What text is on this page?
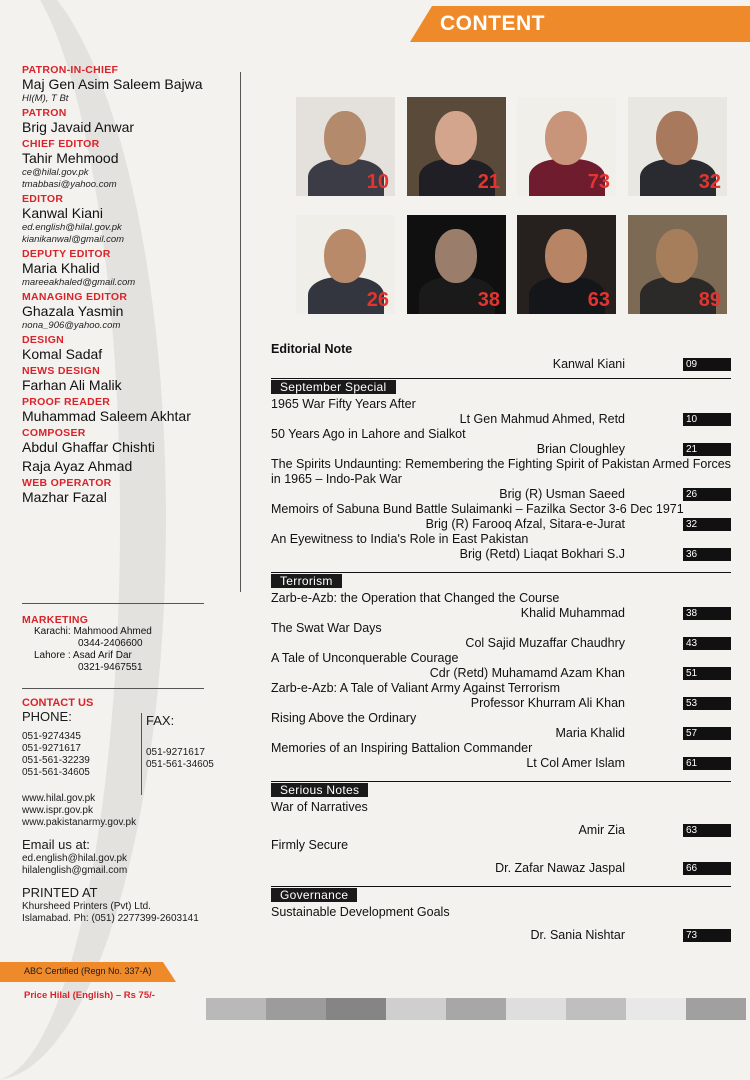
CONTENT
PATRON-IN-CHIEF
Maj Gen Asim Saleem Bajwa
HI(M), T Bt
PATRON
Brig Javaid Anwar
CHIEF EDITOR
Tahir Mehmood
ce@hilal.gov.pk
tmabbasi@yahoo.com
EDITOR
Kanwal Kiani
ed.english@hilal.gov.pk
kianikanwal@gmail.com
DEPUTY EDITOR
Maria Khalid
mareeakhaled@gmail.com
MANAGING EDITOR
Ghazala Yasmin
nona_906@yahoo.com
DESIGN
Komal Sadaf
NEWS DESIGN
Farhan Ali Malik
PROOF READER
Muhammad Saleem Akhtar
COMPOSER
Abdul Ghaffar Chishti
Raja Ayaz Ahmad
WEB OPERATOR
Mazhar Fazal
MARKETING
Karachi: Mahmood Ahmed
0344-2406600
Lahore : Asad Arif Dar
0321-9467551
CONTACT US
PHONE:	FAX:
051-9274345
051-9271617
051-561-32239
051-561-34605
051-9271617
051-561-34605
www.hilal.gov.pk
www.ispr.gov.pk
www.pakistanarmy.gov.pk
Email us at:
ed.english@hilal.gov.pk
hilalenglish@gmail.com
PRINTED AT
Khursheed Printers (Pvt) Ltd.
Islamabad. Ph: (051) 2277399-2603141
ABC Certified (Regn No. 337-A)
Price Hilal (English) – Rs 75/-
10	21	73	32
26	38	63	89
Editorial Note
Kanwal Kiani	09
September Special
1965 War Fifty Years After
Lt Gen Mahmud Ahmed, Retd	10
50 Years Ago in Lahore and Sialkot
Brian Cloughley	21
The Spirits Undaunting: Remembering the Fighting Spirit of Pakistan Armed Forces in 1965 – Indo-Pak War
Brig (R) Usman Saeed	26
Memoirs of Sabuna Bund Battle Sulaimanki – Fazilka Sector 3-6 Dec 1971
Brig (R) Farooq Afzal, Sitara-e-Jurat	32
An Eyewitness to India's Role in East Pakistan
Brig (Retd) Liaqat Bokhari S.J	36
Terrorism
Zarb-e-Azb: the Operation that Changed the Course
Khalid Muhammad	38
The Swat War Days
Col Sajid Muzaffar Chaudhry	43
A Tale of Unconquerable Courage
Cdr (Retd) Muhamamd Azam Khan	51
Zarb-e-Azb: A Tale of Valiant Army Against Terrorism
Professor Khurram Ali Khan	53
Rising Above the Ordinary
Maria Khalid	57
Memories of an Inspiring Battalion Commander
Lt Col Amer Islam	61
Serious Notes
War of Narratives
Amir Zia	63
Firmly Secure
Dr. Zafar Nawaz Jaspal	66
Governance
Sustainable Development Goals
Dr. Sania Nishtar	73
